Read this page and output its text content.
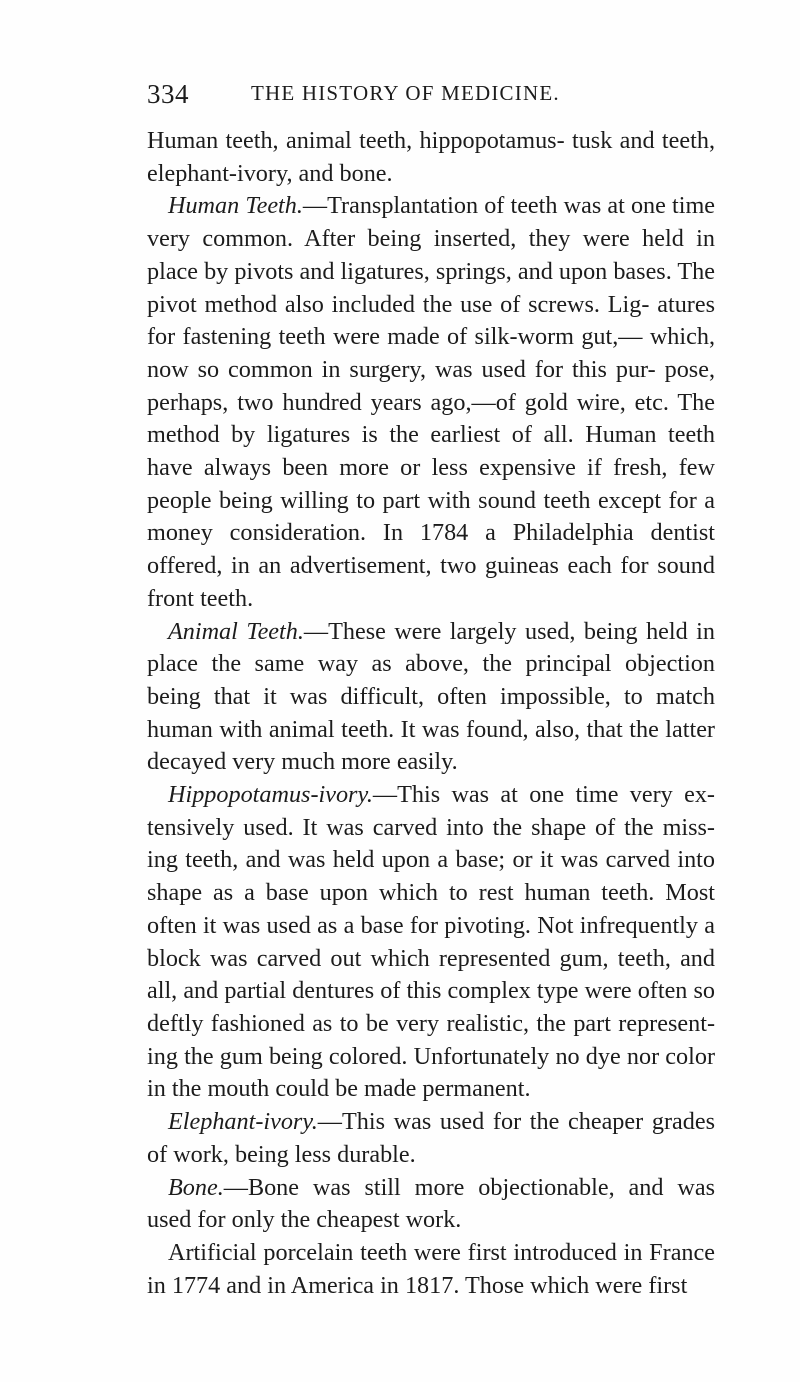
334	THE HISTORY OF MEDICINE.

Human teeth, animal teeth, hippopotamus- tusk and teeth, elephant-ivory, and bone.

Human Teeth.—Transplantation of teeth was at one time very common. After being inserted, they were held in place by pivots and ligatures, springs, and upon bases. The pivot method also included the use of screws. Lig- atures for fastening teeth were made of silk-worm gut,— which, now so common in surgery, was used for this pur- pose, perhaps, two hundred years ago,—of gold wire, etc. The method by ligatures is the earliest of all. Human teeth have always been more or less expensive if fresh, few people being willing to part with sound teeth except for a money consideration. In 1784 a Philadelphia dentist offered, in an advertisement, two guineas each for sound front teeth.

Animal Teeth.—These were largely used, being held in place the same way as above, the principal objection being that it was difficult, often impossible, to match human with animal teeth. It was found, also, that the latter decayed very much more easily.

Hippopotamus-ivory.—This was at one time very ex- tensively used. It was carved into the shape of the miss- ing teeth, and was held upon a base; or it was carved into shape as a base upon which to rest human teeth. Most often it was used as a base for pivoting. Not infrequently a block was carved out which represented gum, teeth, and all, and partial dentures of this complex type were often so deftly fashioned as to be very realistic, the part represent- ing the gum being colored. Unfortunately no dye nor color in the mouth could be made permanent.

Elephant-ivory.—This was used for the cheaper grades of work, being less durable.

Bone.—Bone was still more objectionable, and was used for only the cheapest work.

Artificial porcelain teeth were first introduced in France in 1774 and in America in 1817. Those which were first
